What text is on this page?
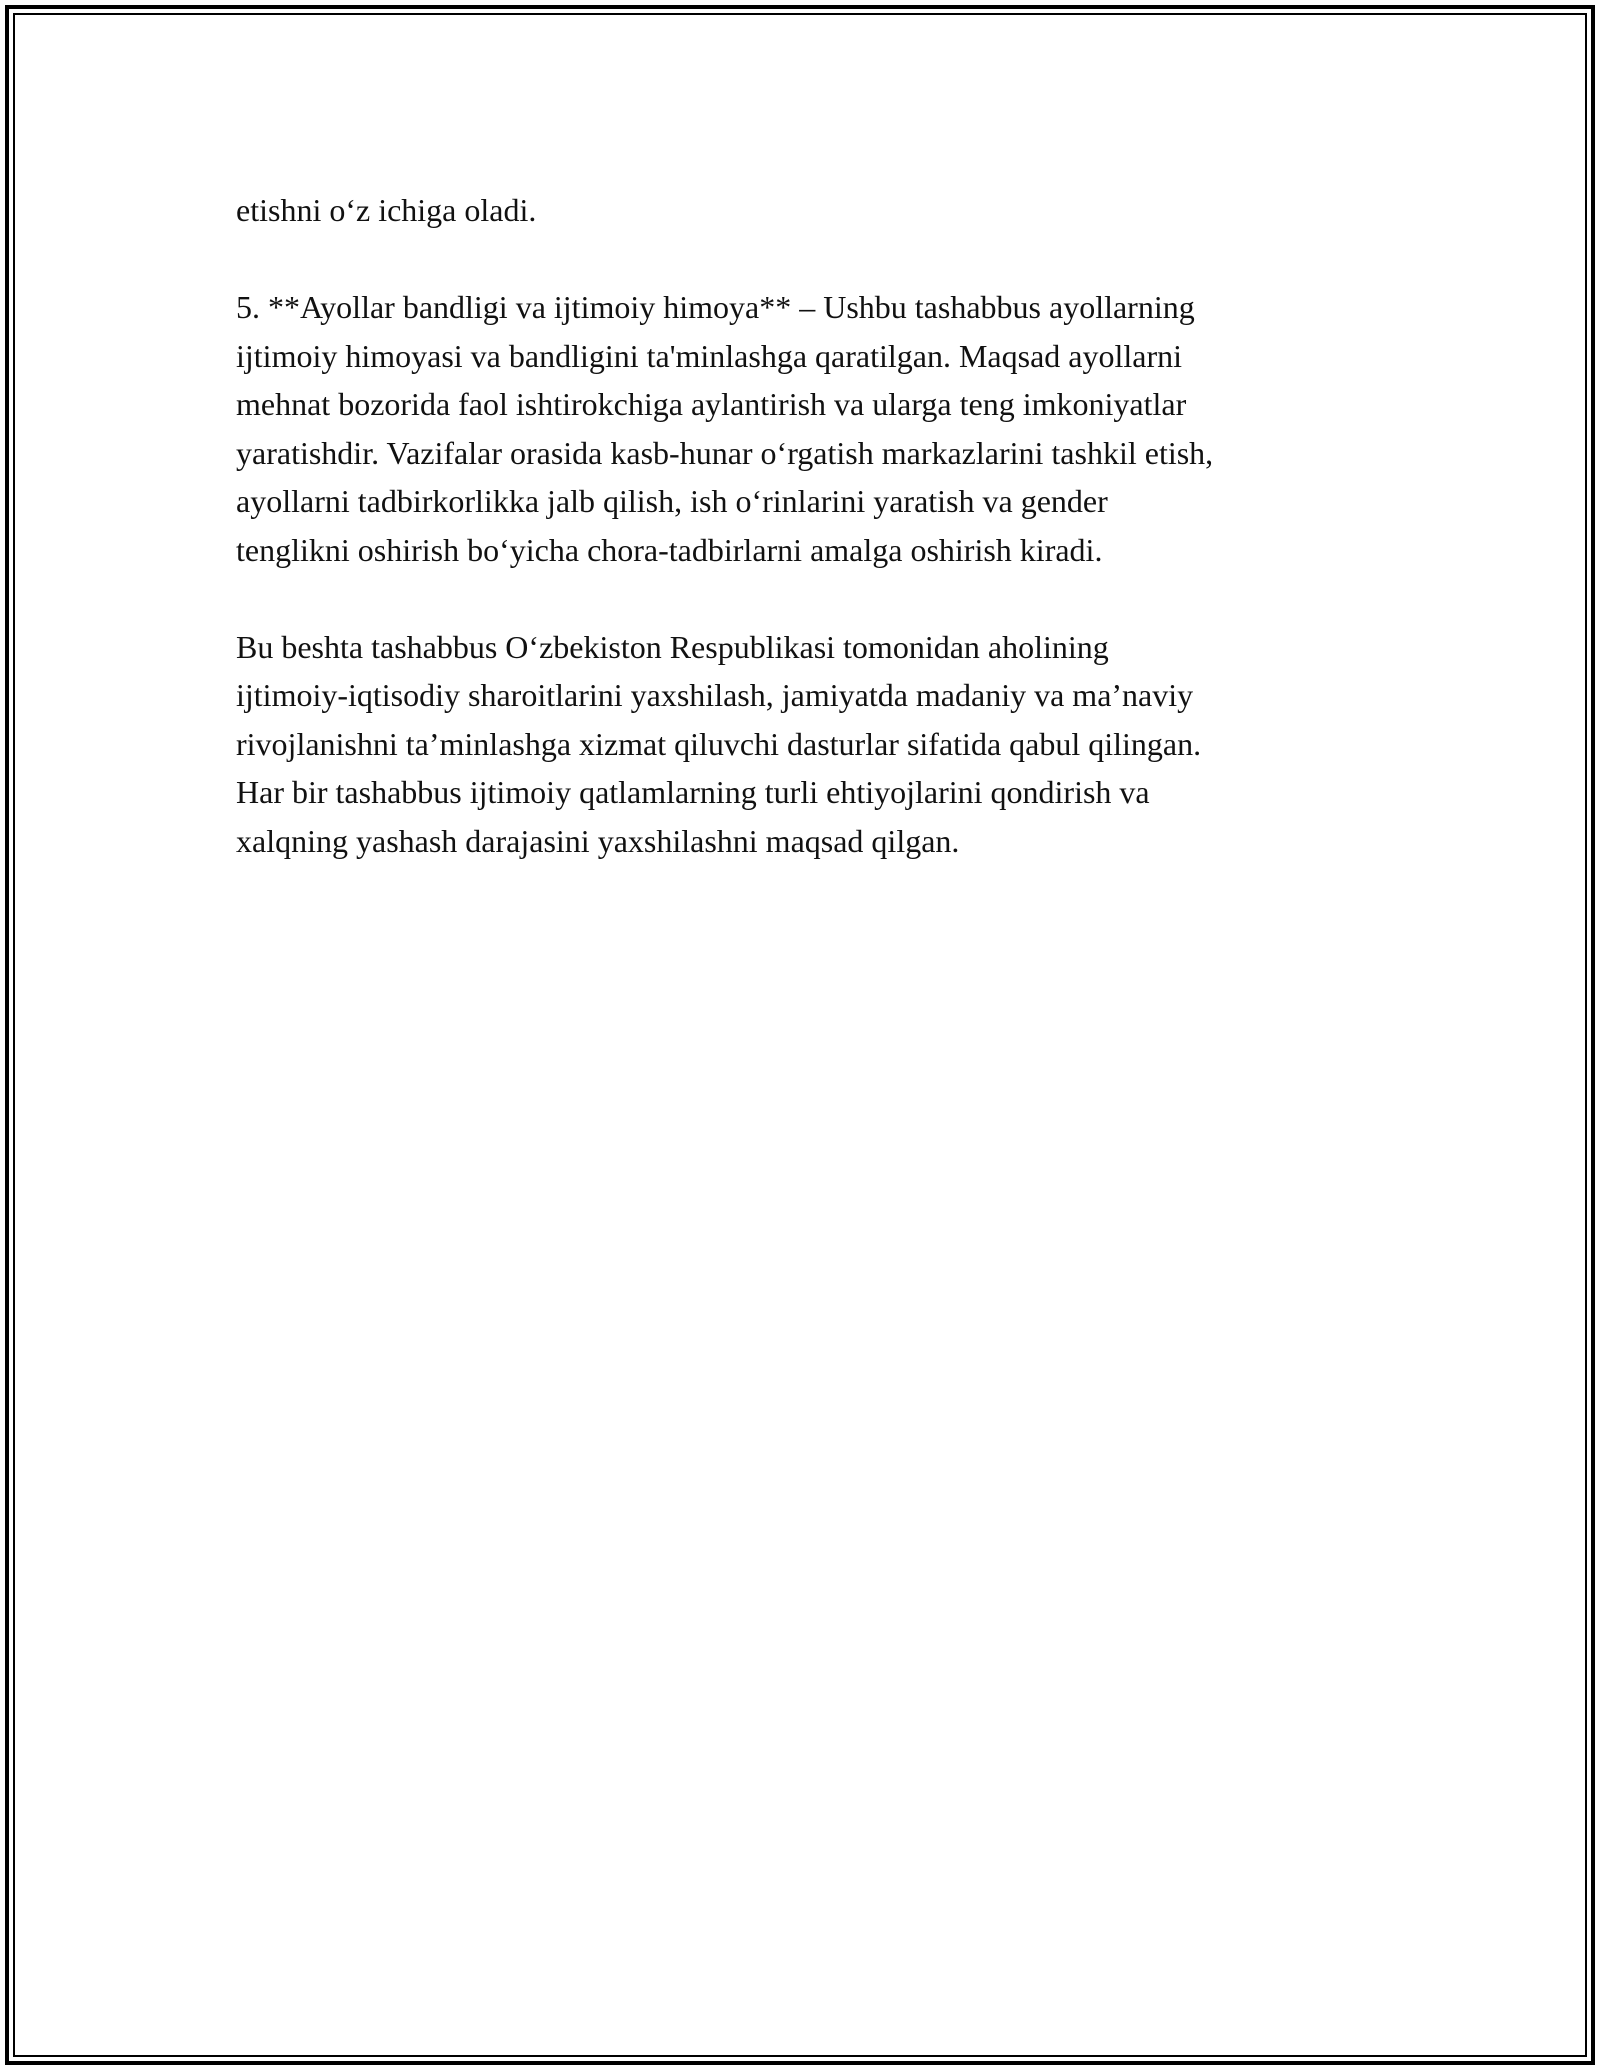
etishni o‘z ichiga oladi.

5. **Ayollar bandligi va ijtimoiy himoya** – Ushbu tashabbus ayollarning
ijtimoiy himoyasi va bandligini ta'minlashga qaratilgan. Maqsad ayollarni
mehnat bozorida faol ishtirokchiga aylantirish va ularga teng imkoniyatlar
yaratishdir. Vazifalar orasida kasb-hunar o‘rgatish markazlarini tashkil etish,
ayollarni tadbirkorlikka jalb qilish, ish o‘rinlarini yaratish va gender
tenglikni oshirish bo‘yicha chora-tadbirlarni amalga oshirish kiradi.

Bu beshta tashabbus O‘zbekiston Respublikasi tomonidan aholining
ijtimoiy-iqtisodiy sharoitlarini yaxshilash, jamiyatda madaniy va ma’naviy
rivojlanishni ta’minlashga xizmat qiluvchi dasturlar sifatida qabul qilingan.
Har bir tashabbus ijtimoiy qatlamlarning turli ehtiyojlarini qondirish va
xalqning yashash darajasini yaxshilashni maqsad qilgan.
